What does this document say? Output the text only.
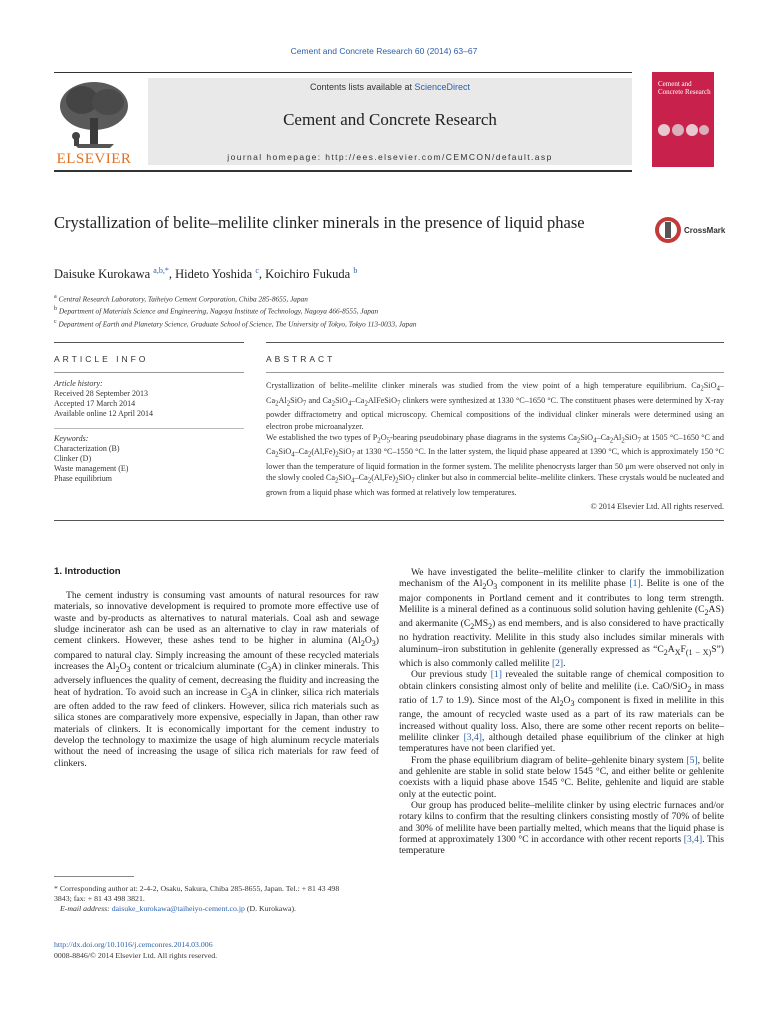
Cement and Concrete Research 60 (2014) 63–67
ELSEVIER
Contents lists available at ScienceDirect
Cement and Concrete Research
journal homepage: http://ees.elsevier.com/CEMCON/default.asp
Cement and Concrete Research
Crystallization of belite–melilite clinker minerals in the presence of liquid phase	CrossMark
Daisuke Kurokawa $^{a,b,*}$, Hideto Yoshida $^c$, Koichiro Fukuda $^b$
$^a$ Central Research Laboratory, Taiheiyo Cement Corporation, Chiba 285-8655, Japan
$^b$ Department of Materials Science and Engineering, Nagoya Institute of Technology, Nagoya 466-8555, Japan
$^c$ Department of Earth and Planetary Science, Graduate School of Science, The University of Tokyo, Tokyo 113-0033, Japan
ARTICLE INFO	ABSTRACT
Article history:
Received 28 September 2013
Accepted 17 March 2014
Available online 12 April 2014
Keywords:
Characterization (B)
Clinker (D)
Waste management (E)
Phase equilibrium

Crystallization of belite–melilite clinker minerals was studied from the view point of a high temperature equilibrium. $Ca_2SiO_4-Ca_2Al_2SiO_7$ and $Ca_2SiO_4-Ca_2AlFeSiO_7$ clinkers were synthesized at 1330 °C–1650 °C. The constituent phases were determined by X-ray powder diffractometry and optical microscopy. Chemical compositions of the individual clinker minerals were determined using an electron probe microanalyzer.

We established the two types of $P_2O_5$-bearing pseudobinary phase diagrams in the systems $Ca_2SiO_4-Ca_2Al_2SiO_7$ at 1505 °C–1650 °C and $Ca_2SiO_4-Ca_2(Al,Fe)_2SiO_7$ at 1330 °C–1550 °C. In the latter system, the liquid phase appeared at 1390 °C, which is approximately 150 °C lower than the temperature of liquid formation in the former system. The melilite phenocrysts larger than 50 μm were observed not only in the slowly cooled $Ca_2SiO_4-Ca_2(Al,Fe)_2SiO_7$ clinker but also in commercial belite–melilite clinkers. These crystals would be nucleated and grown from a liquid phase which was formed at relatively low temperatures.

© 2014 Elsevier Ltd. All rights reserved.
1. Introduction

The cement industry is consuming vast amounts of natural resources for raw materials, so innovative development is required to promote more effective use of waste and by-products as alternatives to natural materials. Coal ash and sewage sludge incinerator ash can be used as an alternative to clay in raw materials of cement clinkers. However, these ashes tend to be higher in alumina $(Al_2O_3)$ compared to natural clay. Simply increasing the amount of these recycled materials increases the $Al_2O_3$ content or tricalcium aluminate $(C_3A)$ in clinker minerals. This adversely influences the quality of cement, decreasing the fluidity and increasing the heat of hydration. To avoid such an increase in $C_3A$ in clinker, silica rich materials are often added to the raw feed of clinkers. However, silica rich materials such as silica stones are comparatively more expensive, especially in Japan, than other raw materials of clinkers. It is economically important for the cement industry to develop the technology to maximize the usage of high aluminum recycle materials without the need of increasing the usage of silica rich materials for raw feed of clinkers.

* Corresponding author at: 2-4-2, Osaku, Sakura, Chiba 285-8655, Japan. Tel.: + 81 43 498 3843; fax: + 81 43 498 3821.
E-mail address: daisuke_kurokawa@taiheiyo-cement.co.jp (D. Kurokawa).
http://dx.doi.org/10.1016/j.cemconres.2014.03.006
0008-8846/© 2014 Elsevier Ltd. All rights reserved.

We have investigated the belite–melilite clinker to clarify the immobilization mechanism of the $Al_2O_3$ component in its melilite phase [1]. Belite is one of the major components in Portland cement and it contributes to long term strength. Melilite is a mineral defined as a continuous solid solution having gehlenite $(C_2AS)$ and akermanite $(C_2MS_2)$ as end members, and is also considered to have practically no hydration reactivity. Melilite in this study also includes similar minerals with aluminum–iron substitution in gehlenite (generally expressed as “$C_2A_XF_{(1 - X)}S$”) which is also commonly called melilite [2].

Our previous study [1] revealed the suitable range of chemical composition to obtain clinkers consisting almost only of belite and melilite (i.e. CaO/SiO$_2$ in mass ratio of 1.7 to 1.9). Since most of the $Al_2O_3$ component is fixed in melilite in this range, the amount of recycled waste used as a part of its raw materials can be increased without quality loss. Also, there are some other recent reports on belite–melilite clinker [3,4], although detailed phase equilibrium of the clinker at high temperatures have not been clarified yet.

From the phase equilibrium diagram of belite–gehlenite binary system [5], belite and gehlenite are stable in solid state below 1545 °C, and either belite or gehlenite coexists with a liquid phase above 1545 °C. Belite, gehlenite and liquid are stable only at the eutectic point.

Our group has produced belite–melilite clinker by using electric furnaces and/or rotary kilns to confirm that the resulting clinkers consisting mostly of 70% of belite and 30% of melilite have been partially melted, which means that the liquid phase is formed at approximately 1300 °C in accordance with other recent reports [3,4]. This temperature
